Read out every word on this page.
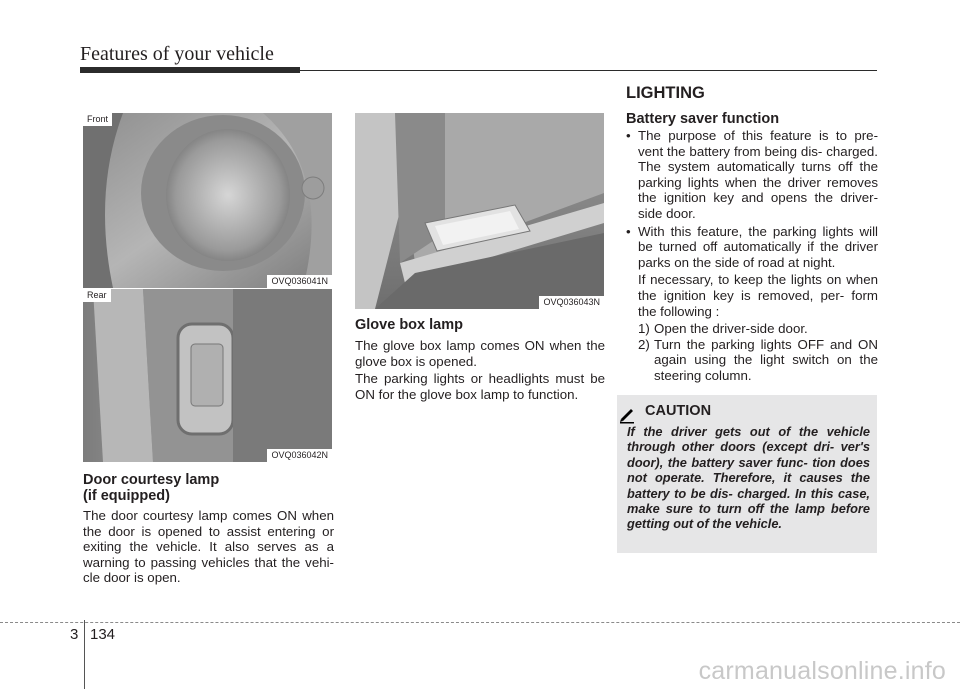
Features of your vehicle
Front
OVQ036041N
Rear
OVQ036042N
OVQ036043N
Door courtesy lamp
(if equipped)

The door courtesy lamp comes ON when the door is opened to assist entering or exiting the vehicle. It also serves as a warning to passing vehicles that the vehi- cle door is open.

Glove box lamp

The glove box lamp comes ON when the glove box is opened.

The parking lights or headlights must be ON for the glove box lamp to function.

LIGHTING
Battery saver function
• The purpose of this feature is to pre- vent the battery from being dis- charged. The system automatically turns off the parking lights when the driver removes the ignition key and opens the driver- side door.
• With this feature, the parking lights will be turned off automatically if the driver parks on the side of road at night.

If necessary, to keep the lights on when the ignition key is removed, per- form the following :

1) Open the driver-side door.
2) Turn the parking lights OFF and ON again using the light switch on the steering column.
CAUTION
If the driver gets out of the vehicle through other doors (except dri- ver's door), the battery saver func- tion does not operate. Therefore, it causes the battery to be dis- charged. In this case, make sure to turn off the lamp before getting out of the vehicle.
3 134
carmanualsonline.info
